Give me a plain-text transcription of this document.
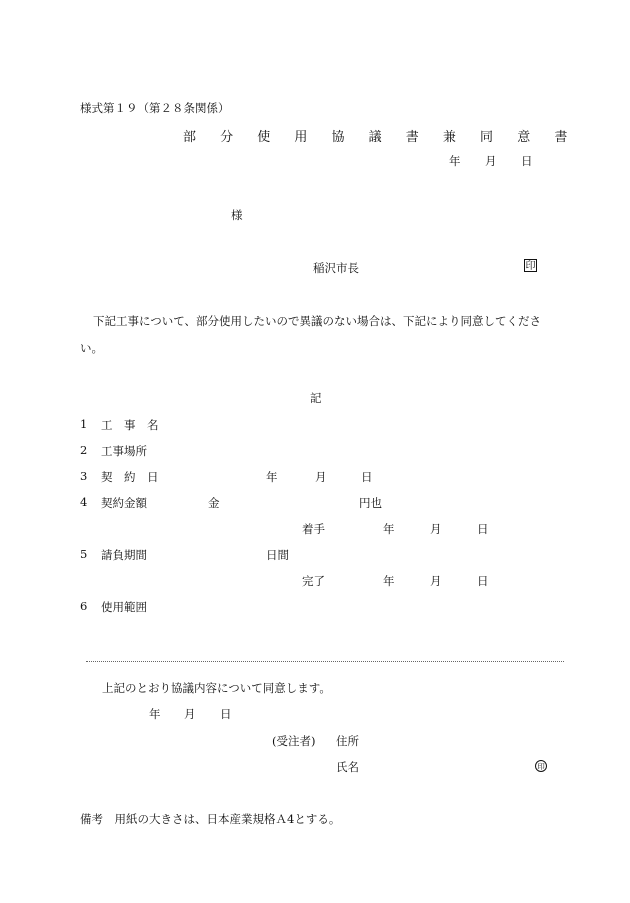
様式第１９（第２８条関係）
部 分 使 用 協 議 書 兼 同 意 書
年 月 日
様
稲沢市長	印
下記工事について、部分使用したいので異議のない場合は、下記により同意してくださ
い。
記
1 工　事　名
2 工事場所
3 契　約　日	年	月	日
4 契約金額	金	円也
着手	年	月	日
5 請負期間	日間
完了	年	月	日
6 使用範囲
上記のとおり協議内容について同意します。
年 月 日
(受注者) 住所
氏名	印
備考　用紙の大きさは、日本産業規格Ａ4とする。
